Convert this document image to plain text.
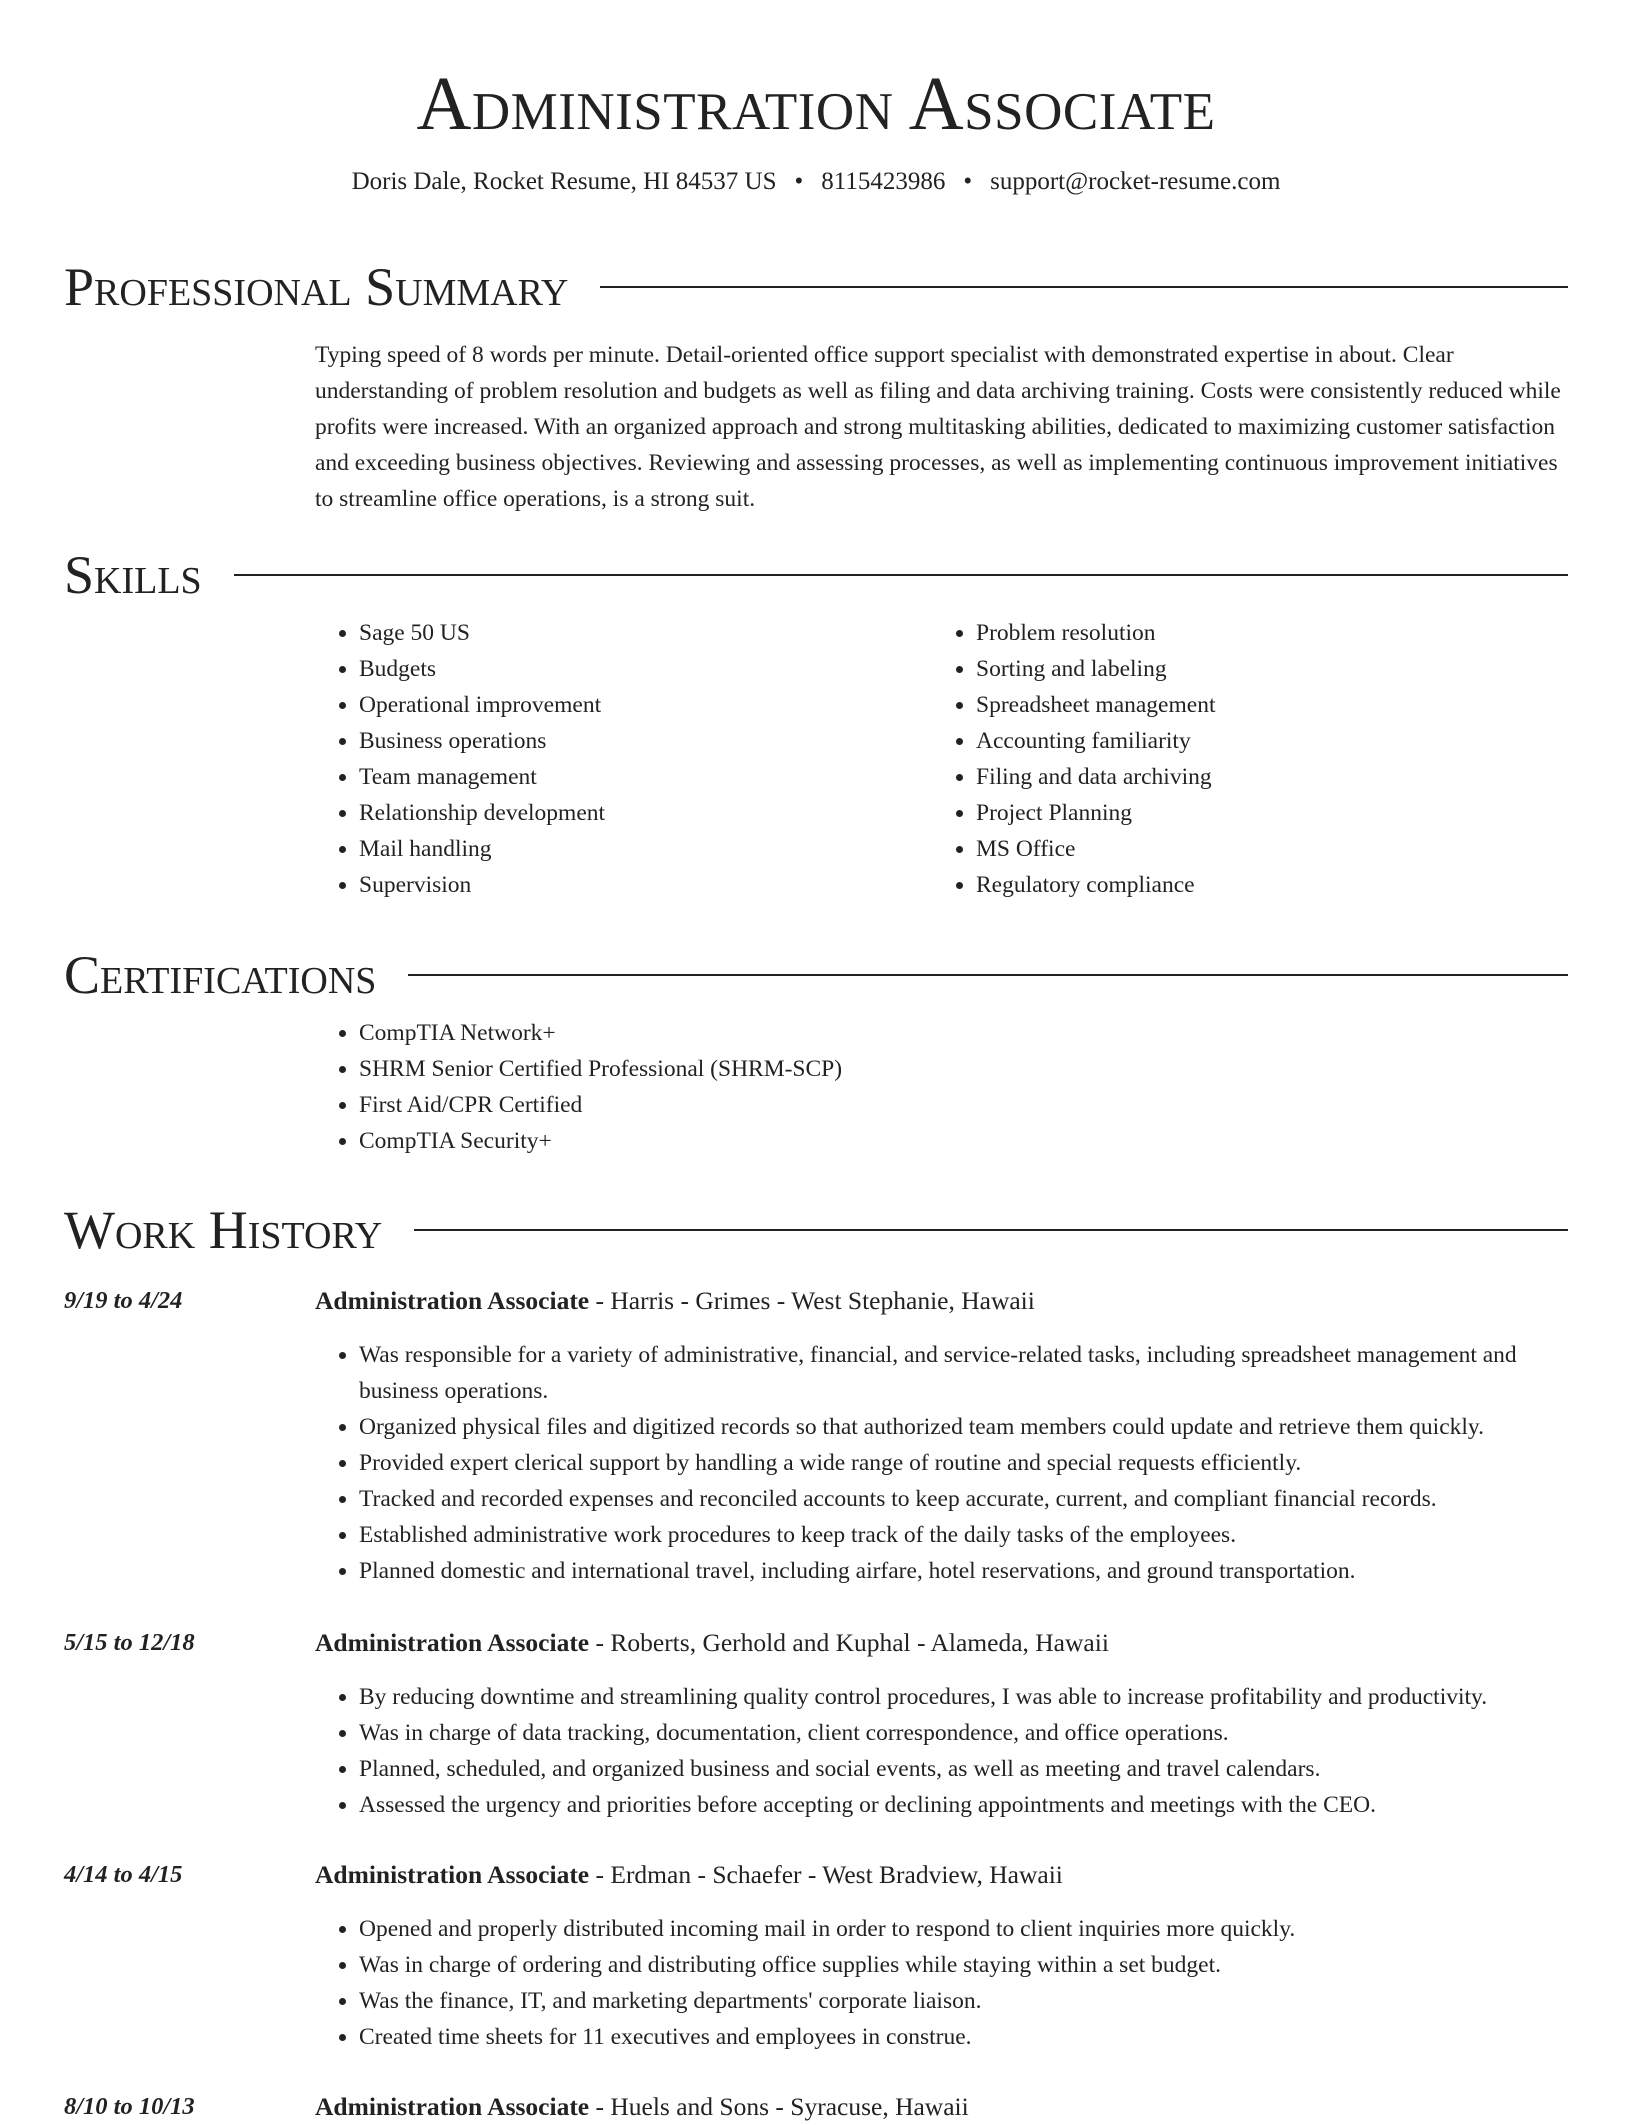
Administration Associate
Doris Dale, Rocket Resume, HI 84537 US • 8115423986 • support@rocket-resume.com
Professional Summary

Typing speed of 8 words per minute. Detail-oriented office support specialist with demonstrated expertise in about. Clear understanding of problem resolution and budgets as well as filing and data archiving training. Costs were consistently reduced while profits were increased. With an organized approach and strong multitasking abilities, dedicated to maximizing customer satisfaction and exceeding business objectives. Reviewing and assessing processes, as well as implementing continuous improvement initiatives to streamline office operations, is a strong suit.

Skills
• Sage 50 US
• Budgets
• Operational improvement
• Business operations
• Team management
• Relationship development
• Mail handling
• Supervision
• Problem resolution
• Sorting and labeling
• Spreadsheet management
• Accounting familiarity
• Filing and data archiving
• Project Planning
• MS Office
• Regulatory compliance
Certifications
• CompTIA Network+
• SHRM Senior Certified Professional (SHRM-SCP)
• First Aid/CPR Certified
• CompTIA Security+
Work History
9/19 to 4/24	Administration Associate - Harris - Grimes - West Stephanie, Hawaii

• Was responsible for a variety of administrative, financial, and service-related tasks, including spreadsheet management and business operations.
• Organized physical files and digitized records so that authorized team members could update and retrieve them quickly.
• Provided expert clerical support by handling a wide range of routine and special requests efficiently.
• Tracked and recorded expenses and reconciled accounts to keep accurate, current, and compliant financial records.
• Established administrative work procedures to keep track of the daily tasks of the employees.
• Planned domestic and international travel, including airfare, hotel reservations, and ground transportation.
5/15 to 12/18	Administration Associate - Roberts, Gerhold and Kuphal - Alameda, Hawaii

• By reducing downtime and streamlining quality control procedures, I was able to increase profitability and productivity.
• Was in charge of data tracking, documentation, client correspondence, and office operations.
• Planned, scheduled, and organized business and social events, as well as meeting and travel calendars.
• Assessed the urgency and priorities before accepting or declining appointments and meetings with the CEO.
4/14 to 4/15	Administration Associate - Erdman - Schaefer - West Bradview, Hawaii

• Opened and properly distributed incoming mail in order to respond to client inquiries more quickly.
• Was in charge of ordering and distributing office supplies while staying within a set budget.
• Was the finance, IT, and marketing departments' corporate liaison.
• Created time sheets for 11 executives and employees in construe.
8/10 to 10/13	Administration Associate - Huels and Sons - Syracuse, Hawaii
